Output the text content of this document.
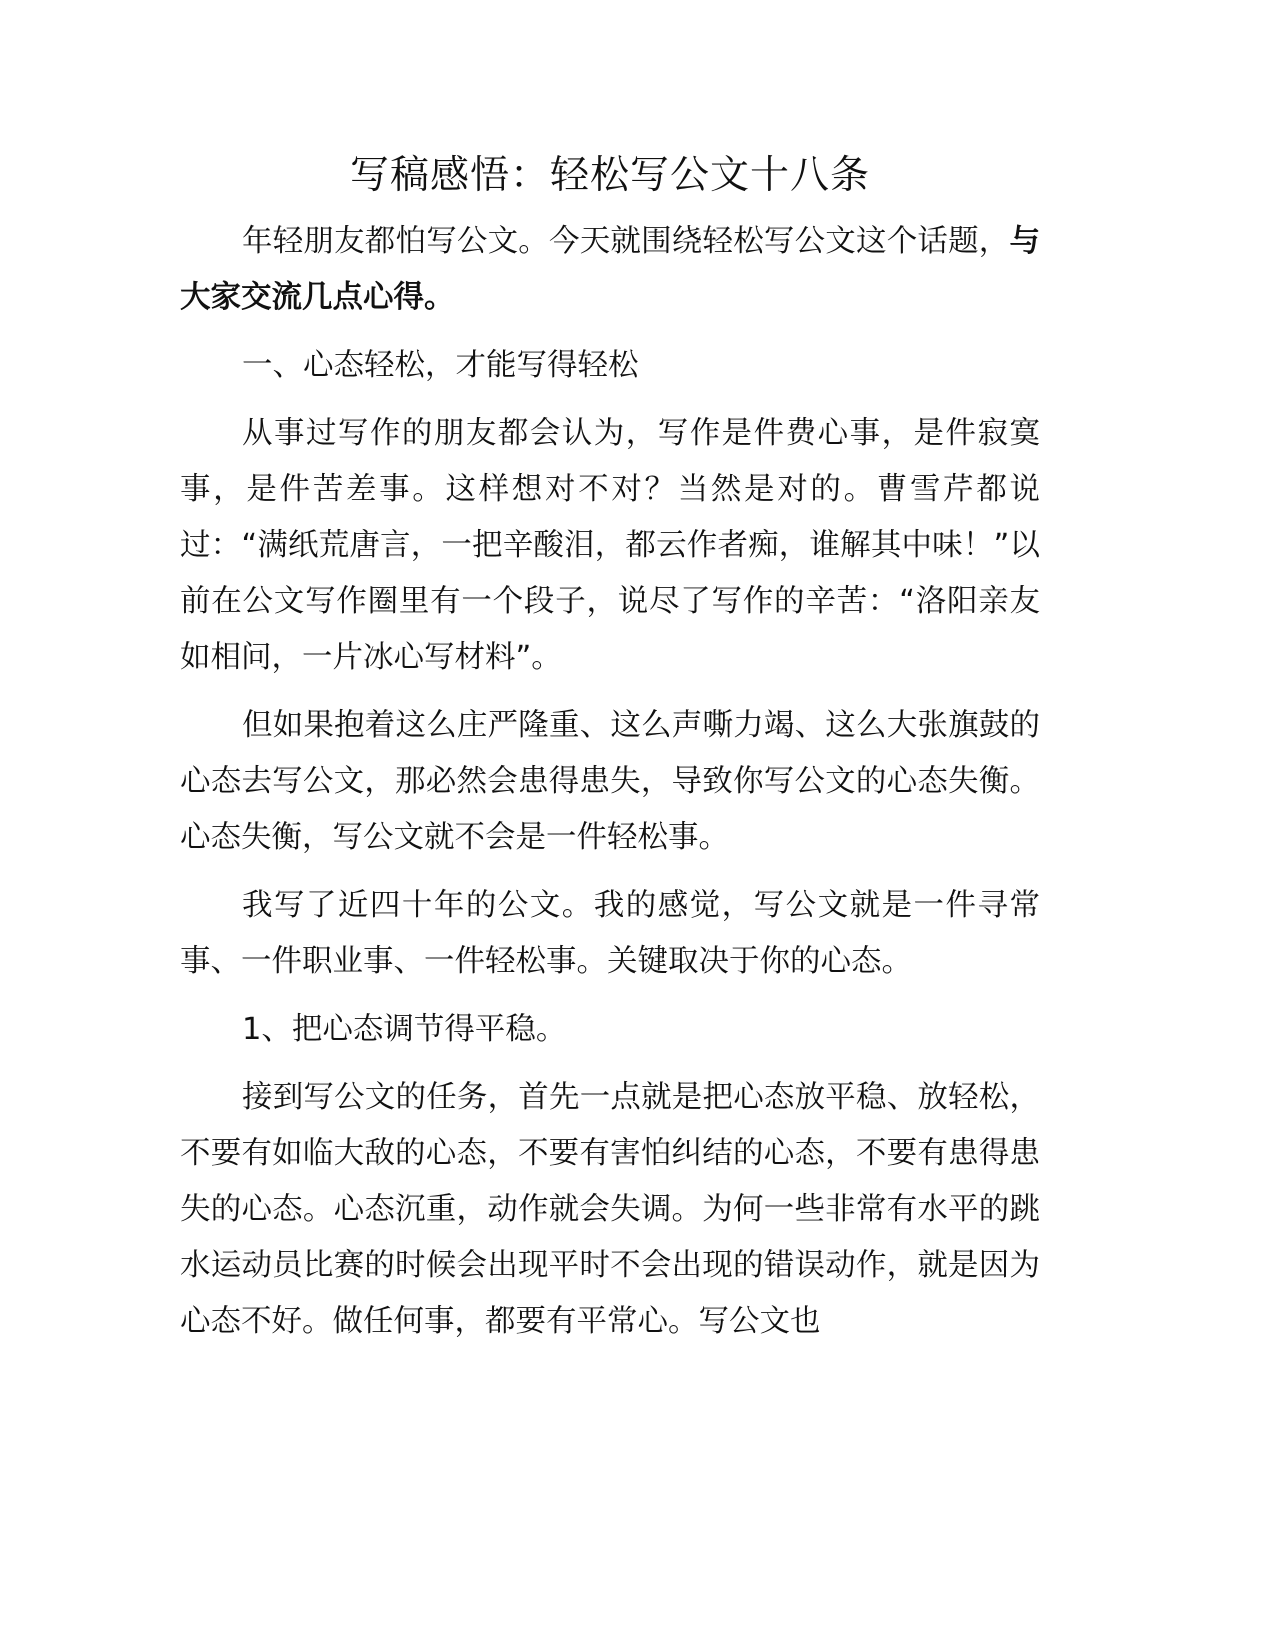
写稿感悟：轻松写公文十八条

年轻朋友都怕写公文。今天就围绕轻松写公文这个话题，与大家交流几点心得。

一、心态轻松，才能写得轻松

从事过写作的朋友都会认为，写作是件费心事，是件寂寞事，是件苦差事。这样想对不对？当然是对的。曹雪芹都说过：“满纸荒唐言，一把辛酸泪，都云作者痴，谁解其中味！”以前在公文写作圈里有一个段子，说尽了写作的辛苦：“洛阳亲友如相问，一片冰心写材料”。

但如果抱着这么庄严隆重、这么声嘶力竭、这么大张旗鼓的心态去写公文，那必然会患得患失，导致你写公文的心态失衡。心态失衡，写公文就不会是一件轻松事。

我写了近四十年的公文。我的感觉，写公文就是一件寻常事、一件职业事、一件轻松事。关键取决于你的心态。

1、把心态调节得平稳。

接到写公文的任务，首先一点就是把心态放平稳、放轻松，不要有如临大敌的心态，不要有害怕纠结的心态，不要有患得患失的心态。心态沉重，动作就会失调。为何一些非常有水平的跳水运动员比赛的时候会出现平时不会出现的错误动作，就是因为心态不好。做任何事，都要有平常心。写公文也
